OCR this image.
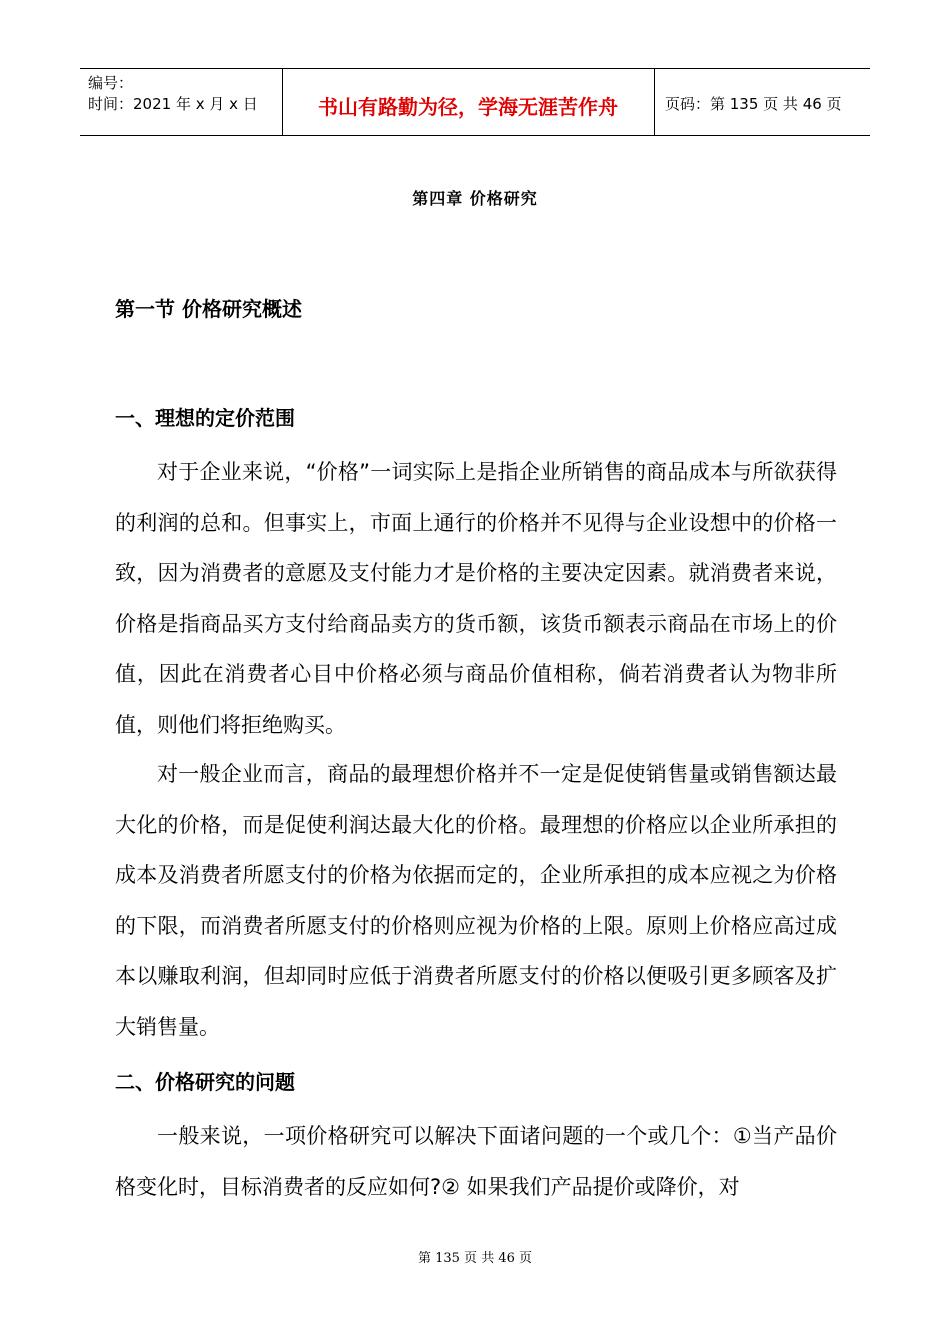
编号：
时间：2021 年 x 月 x 日	书山有路勤为径，学海无涯苦作舟	页码：第 135 页 共 46 页
第四章 价格研究
第一节 价格研究概述
一、理想的定价范围

对于企业来说，“价格”一词实际上是指企业所销售的商品成本与所欲获得的利润的总和。但事实上，市面上通行的价格并不见得与企业设想中的价格一致，因为消费者的意愿及支付能力才是价格的主要决定因素。就消费者来说，价格是指商品买方支付给商品卖方的货币额，该货币额表示商品在市场上的价值，因此在消费者心目中价格必须与商品价值相称，倘若消费者认为物非所值，则他们将拒绝购买。

对一般企业而言，商品的最理想价格并不一定是促使销售量或销售额达最大化的价格，而是促使利润达最大化的价格。最理想的价格应以企业所承担的成本及消费者所愿支付的价格为依据而定的，企业所承担的成本应视之为价格的下限，而消费者所愿支付的价格则应视为价格的上限。原则上价格应高过成本以赚取利润，但却同时应低于消费者所愿支付的价格以便吸引更多顾客及扩大销售量。

二、价格研究的问题

一般来说，一项价格研究可以解决下面诸问题的一个或几个：①当产品价格变化时，目标消费者的反应如何?② 如果我们产品提价或降价，对

第 135 页 共 46 页
